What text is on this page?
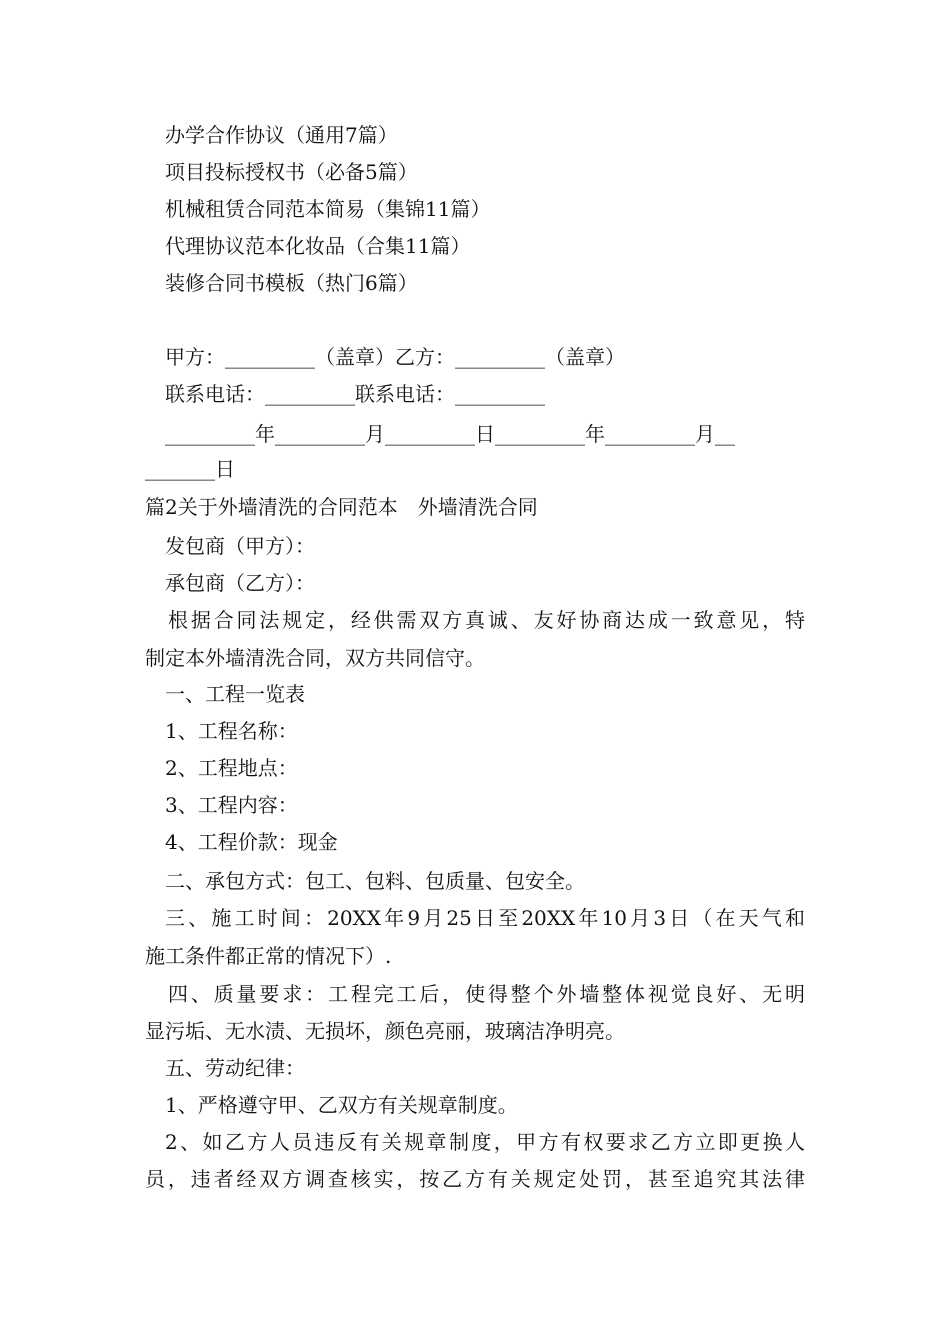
办学合作协议（通用7篇）
项目投标授权书（必备5篇）
机械租赁合同范本简易（集锦11篇）
代理协议范本化妆品（合集11篇）
装修合同书模板（热门6篇）
甲方：_________（盖章）乙方：_________（盖章）
联系电话：_________联系电话：_________
_________年_________月_________日_________年_________月__
_______日
篇2关于外墙清洗的合同范本　外墙清洗合同
发包商（甲方）：
承包商（乙方）：
根据合同法规定，经供需双方真诚、友好协商达成一致意见，特
制定本外墙清洗合同，双方共同信守。
一、工程一览表
1、工程名称：
2、工程地点：
3、工程内容：
4、工程价款：现金
二、承包方式：包工、包料、包质量、包安全。
三、施工时间：20XX年9月25日至20XX年10月3日（在天气和
施工条件都正常的情况下）.
四、质量要求：工程完工后，使得整个外墙整体视觉良好、无明
显污垢、无水渍、无损坏，颜色亮丽，玻璃洁净明亮。
五、劳动纪律：
1、严格遵守甲、乙双方有关规章制度。
2、如乙方人员违反有关规章制度，甲方有权要求乙方立即更换人
员，违者经双方调查核实，按乙方有关规定处罚，甚至追究其法律
